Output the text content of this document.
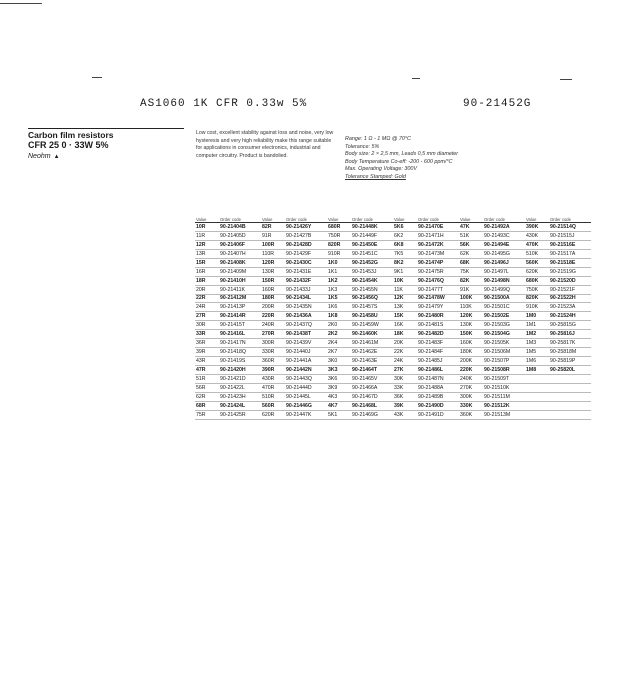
AS1060 1K CFR 0.33w 5%	90-21452G
Carbon film resistors
CFR 25 0 · 33W 5%
Neohm ▲
Low cost, excellent stability against loss and noise, very low hysteresis and very high reliability make this range suitable for applications in consumer electronics, industrial and computer circuitry. Product is bandolied.
Range: 1 Ω - 1 MΩ @ 70°C
Tolerance: 5%
Body size: 2 × 2,5 mm, Leads 0,5 mm diameter
Body Temperature Co-eff: -200 - 600 ppm/°C
Max. Operating Voltage: 300V
Tolerance Stamped: Gold
Value	Order code	Value	Order code	Value	Order code	Value	Order code	Value	Order code	Value	Order code
10R	90-21404B	82R	90-21426Y	680R	90-21448K	5K6	90-21470E	47K	90-21492A	390K	90-21514Q
11R	90-21405D	91R	90-21427B	750R	90-21449F	6K2	90-21471H	51K	90-21493C	430K	90-21515J
12R	90-21406F	100R	90-21428D	820R	90-21450E	6K8	90-21472K	56K	90-21494E	470K	90-21516E
13R	90-21407H	110R	90-21429F	910R	90-21451C	7K5	90-21473M	62K	90-21495G	510K	90-21517A
15R	90-21408K	120R	90-21430C	1K0	90-21452G	8K2	90-21474P	68K	90-21496J	560K	90-21518E
16R	90-21409M	130R	90-21431E	1K1	90-21453J	9K1	90-21475R	75K	90-21497L	620K	90-21519G
18R	90-21410H	150R	90-21432F	1K2	90-21454K	10K	90-21476Q	82K	90-21498N	680K	90-21520D
20R	90-21411K	160R	90-21433J	1K3	90-21455N	11K	90-21477T	91K	90-21499Q	750K	90-21521F
22R	90-21412M	180R	90-21434L	1K5	90-21456Q	12K	90-21478W	100K	90-21500A	820K	90-21522H
24R	90-21413P	200R	90-21435N	1K6	90-21457S	13K	90-21479Y	110K	90-21501C	910K	90-21523A
27R	90-21414R	220R	90-21436A	1K8	90-21458U	15K	90-21480R	120K	90-21502E	1M0	90-21524H
30R	90-21415T	240R	90-21437Q	2K0	90-21459W	16K	90-21481S	130K	90-21503G	1M1	90-25815G
33R	90-21416L	270R	90-21438T	2K2	90-21460K	18K	90-21482D	150K	90-21504G	1M2	90-25816J
36R	90-21417N	300R	90-21439V	2K4	90-21461M	20K	90-21483F	160K	90-21505K	1M3	90-25817K
39R	90-21418Q	330R	90-21440J	2K7	90-21462E	22K	90-21484F	180K	90-21506M	1M5	90-25818M
43R	90-21419S	360R	90-21441A	3K0	90-21463E	24K	90-21485J	200K	90-21507P	1M6	90-25819P
47R	90-21420H	390R	90-21442N	3K3	90-21464T	27K	90-21486L	220K	90-21508R	1M8	90-25820L
51R	90-21421D	430R	90-21443Q	3K6	90-21465V	30K	90-21487N	240K	90-21509T		
56R	90-21422L	470R	90-21444D	3K9	90-21466A	33K	90-21488A	270K	90-21510K		
62R	90-21423H	510R	90-21445L	4K3	90-21467D	36K	90-21489B	300K	90-21511M		
68R	90-21424L	560R	90-21446G	4K7	90-21468L	39K	90-21490D	330K	90-21512K		
75R	90-21425R	620R	90-21447K	5K1	90-21469G	43K	90-21491D	360K	90-21513M		
